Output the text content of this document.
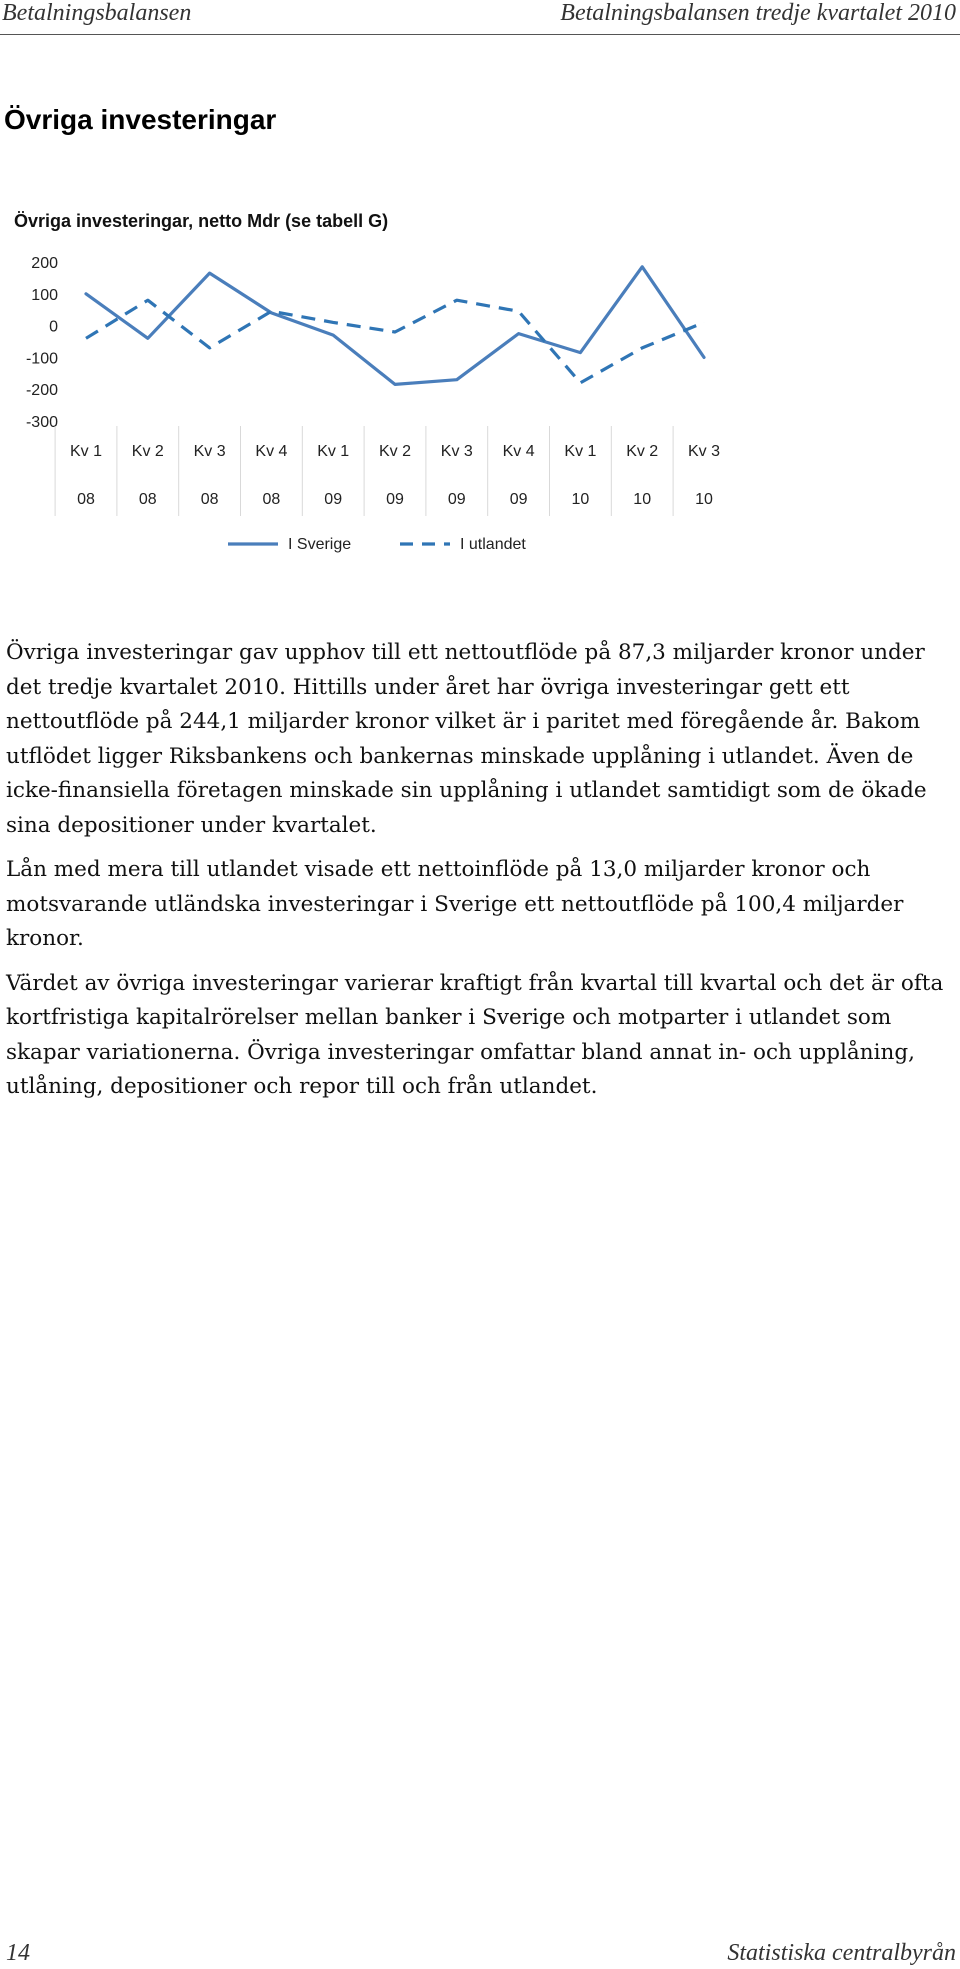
Betalningsbalansen	Betalningsbalansen tredje kvartalet 2010
Övriga investeringar
Övriga investeringar, netto Mdr (se tabell G)
200
100
0
-100
-200
-300
Kv 1 Kv 2 Kv 3 Kv 4 Kv 1 Kv 2 Kv 3 Kv 4 Kv 1 Kv 2 Kv 3
08	08	08	08	09	09	09	09	10	10	10
I Sverige	I utlandet

Övriga investeringar gav upphov till ett nettoutflöde på 87,3 miljarder kronor under det tredje kvartalet 2010. Hittills under året har övriga investeringar gett ett nettoutflöde på 244,1 miljarder kronor vilket är i paritet med föregående år. Bakom utflödet ligger Riksbankens och bankernas minskade upplåning i utlandet. Även de icke-finansiella företagen minskade sin upplåning i utlandet samtidigt som de ökade sina depositioner under kvartalet.

Lån med mera till utlandet visade ett nettoinflöde på 13,0 miljarder kronor och motsvarande utländska investeringar i Sverige ett nettoutflöde på 100,4 miljarder kronor.

Värdet av övriga investeringar varierar kraftigt från kvartal till kvartal och det är ofta kortfristiga kapitalrörelser mellan banker i Sverige och motparter i utlandet som skapar variationerna. Övriga investeringar omfattar bland annat in- och upplåning, utlåning, depositioner och repor till och från utlandet.

14	Statistiska centralbyrån
